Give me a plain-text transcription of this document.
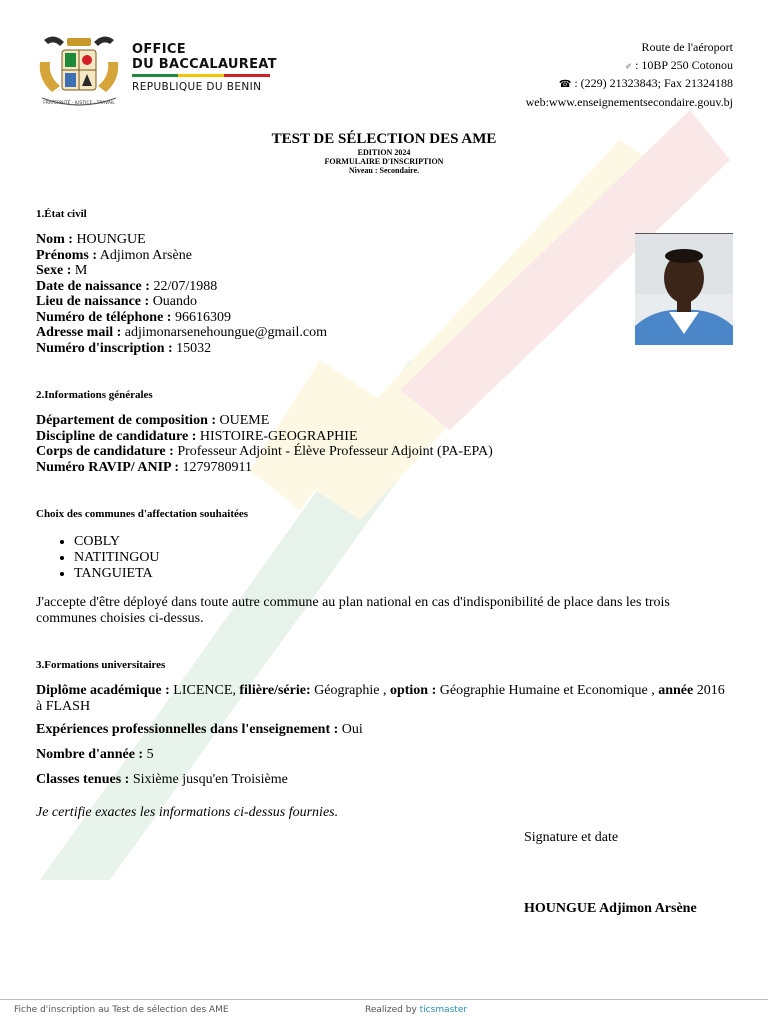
FRATERNITÉ · JUSTICE · TRAVAIL
OFFICE
DU BACCALAUREAT
REPUBLIQUE DU BENIN
Route de l'aéroport
✐ : 10BP 250 Cotonou
☎ : (229) 21323843; Fax 21324188
web:www.enseignementsecondaire.gouv.bj
TEST DE SÉLECTION DES AME
EDITION 2024
FORMULAIRE D'INSCRIPTION
Niveau : Secondaire.
1.État civil
Nom : HOUNGUE
Prénoms : Adjimon Arsène
Sexe : M
Date de naissance : 22/07/1988
Lieu de naissance : Ouando
Numéro de téléphone : 96616309
Adresse mail : adjimonarsenehoungue@gmail.com
Numéro d'inscription : 15032
2.Informations générales
Département de composition : OUEME
Discipline de candidature : HISTOIRE-GEOGRAPHIE
Corps de candidature : Professeur Adjoint - Élève Professeur Adjoint (PA-EPA)
Numéro RAVIP/ ANIP : 1279780911
Choix des communes d'affectation souhaitées
• COBLY
• NATITINGOU
• TANGUIETA
J'accepte d'être déployé dans toute autre commune au plan national en cas d'indisponibilité de place dans les trois communes choisies ci-dessus.
3.Formations universitaires
Diplôme académique : LICENCE, filière/série: Géographie , option : Géographie Humaine et Economique , année 2016 à FLASH
Expériences professionnelles dans l'enseignement : Oui
Nombre d'année : 5
Classes tenues : Sixième jusqu'en Troisième
Je certifie exactes les informations ci-dessus fournies.
Signature et date
HOUNGUE Adjimon Arsène
Fiche d'inscription au Test de sélection des AME	Realized by ticsmaster
